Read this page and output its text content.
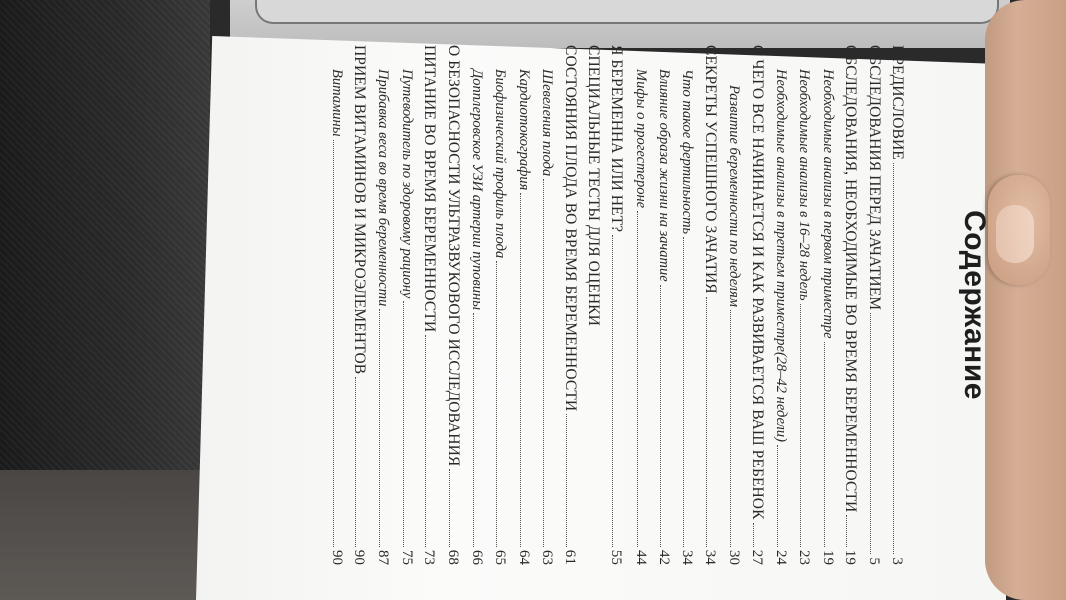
Содержание
ПРЕДИСЛОВИЕ
3
ОБСЛЕДОВАНИЯ ПЕРЕД ЗАЧАТИЕМ
5
ОБСЛЕДОВАНИЯ, НЕОБХОДИМЫЕ ВО ВРЕМЯ БЕРЕМЕННОСТИ
19
Необходимые анализы в первом триместре
19
Необходимые анализы в 16–28 недель
23
Необходимые анализы в третьем триместре(28–42 недели)
24
С ЧЕГО ВСЕ НАЧИНАЕТСЯ И КАК РАЗВИВАЕТСЯ ВАШ РЕБЕНОК
27
Развитие беременности по неделям
30
СЕКРЕТЫ УСПЕШНОГО ЗАЧАТИЯ
34
Что такое фертильность
34
Влияние образа жизни на зачатие
42
Мифы о прогестероне
44
Я БЕРЕМЕННА ИЛИ НЕТ?
55
СПЕЦИАЛЬНЫЕ ТЕСТЫ ДЛЯ ОЦЕНКИ
СОСТОЯНИЯ ПЛОДА ВО ВРЕМЯ БЕРЕМЕННОСТИ
61
Шевеления плода
63
Кардиотокография
64
Биофизический профиль плода
65
Допплеровское УЗИ артерии пуповины
66
О БЕЗОПАСНОСТИ УЛЬТРАЗВУКОВОГО ИССЛЕДОВАНИЯ
68
ПИТАНИЕ ВО ВРЕМЯ БЕРЕМЕННОСТИ
73
Путеводитель по здоровому рациону
75
Прибавка веса во время беременности
87
ПРИЕМ ВИТАМИНОВ И МИКРОЭЛЕМЕНТОВ
90
Витамины
90
